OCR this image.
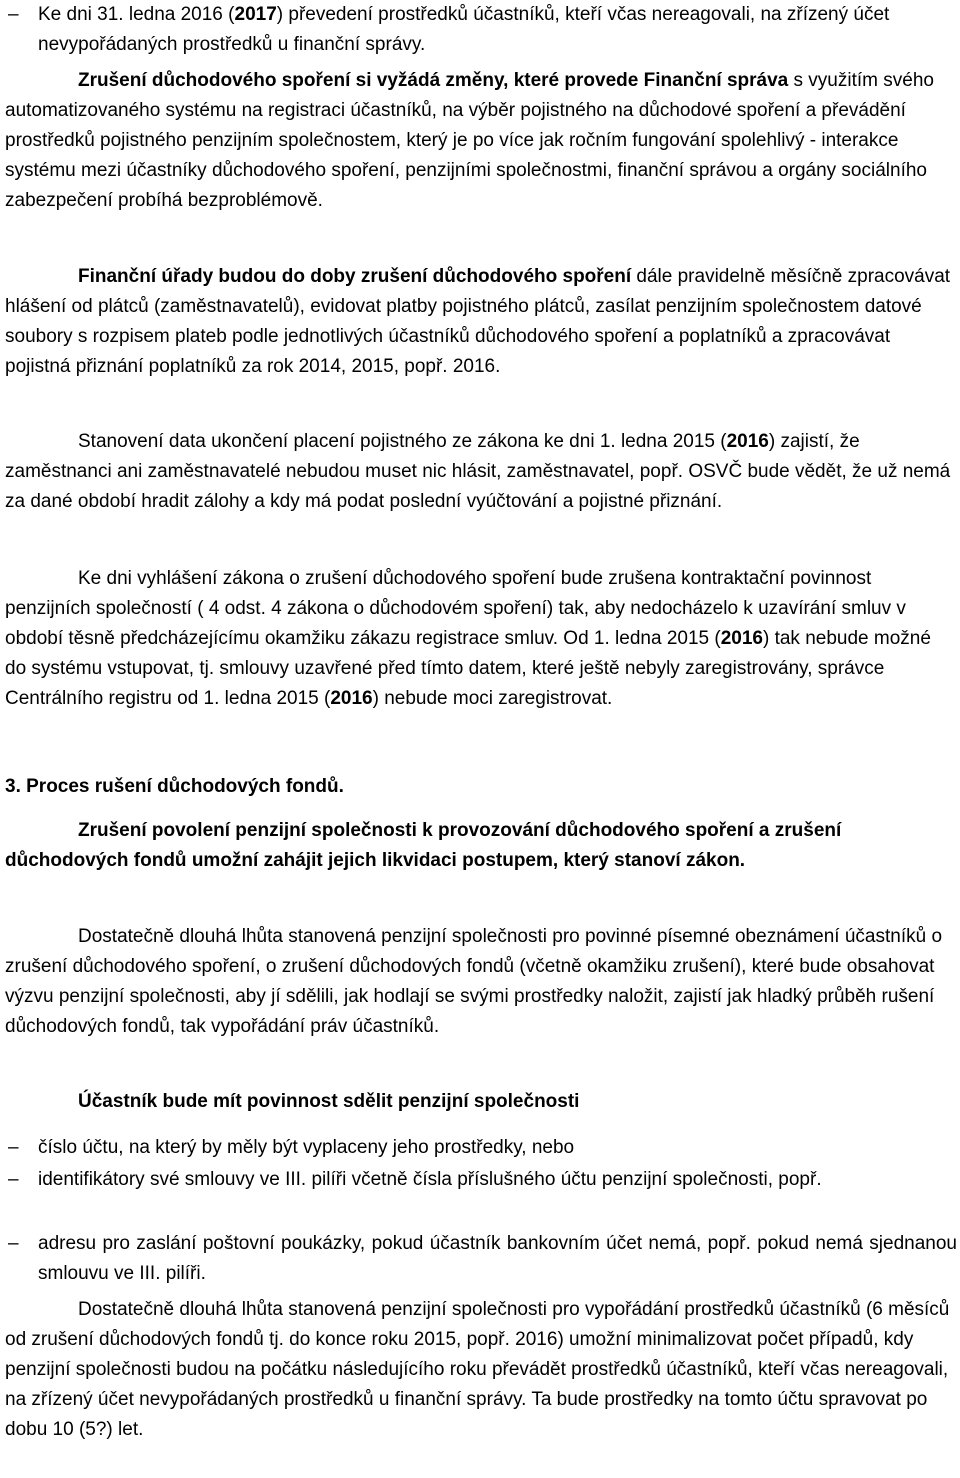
– Ke dni 31. ledna 2016 (2017) převedení prostředků účastníků, kteří včas nereagovali, na zřízený účet nevypořádaných prostředků u finanční správy.

Zrušení důchodového spoření si vyžádá změny, které provede Finanční správa s využitím svého automatizovaného systému na registraci účastníků, na výběr pojistného na důchodové spoření a převádění prostředků pojistného penzijním společnostem, který je po více jak ročním fungování spolehlivý - interakce systému mezi účastníky důchodového spoření, penzijními společnostmi, finanční správou a orgány sociálního zabezpečení probíhá bezproblémově.

Finanční úřady budou do doby zrušení důchodového spoření dále pravidelně měsíčně zpracovávat hlášení od plátců (zaměstnavatelů), evidovat platby pojistného plátců, zasílat penzijním společnostem datové soubory s rozpisem plateb podle jednotlivých účastníků důchodového spoření a poplatníků a zpracovávat pojistná přiznání poplatníků za rok 2014, 2015, popř. 2016.

Stanovení data ukončení placení pojistného ze zákona ke dni 1. ledna 2015 (2016) zajistí, že zaměstnanci ani zaměstnavatelé nebudou muset nic hlásit, zaměstnavatel, popř. OSVČ bude vědět, že už nemá za dané období hradit zálohy a kdy má podat poslední vyúčtování a pojistné přiznání.

Ke dni vyhlášení zákona o zrušení důchodového spoření bude zrušena kontraktační povinnost penzijních společností ( 4 odst. 4 zákona o důchodovém spoření) tak, aby nedocházelo k uzavírání smluv v období těsně předcházejícímu okamžiku zákazu registrace smluv. Od 1. ledna 2015 (2016) tak nebude možné do systému vstupovat, tj. smlouvy uzavřené před tímto datem, které ještě nebyly zaregistrovány, správce Centrálního registru od 1. ledna 2015 (2016) nebude moci zaregistrovat.

3. Proces rušení důchodových fondů.

Zrušení povolení penzijní společnosti k provozování důchodového spoření a zrušení důchodových fondů umožní zahájit jejich likvidaci postupem, který stanoví zákon.

Dostatečně dlouhá lhůta stanovená penzijní společnosti pro povinné písemné obeznámení účastníků o zrušení důchodového spoření, o zrušení důchodových fondů (včetně okamžiku zrušení), které bude obsahovat výzvu penzijní společnosti, aby jí sdělili, jak hodlají se svými prostředky naložit, zajistí jak hladký průběh rušení důchodových fondů, tak vypořádání práv účastníků.

Účastník bude mít povinnost sdělit penzijní společnosti

– číslo účtu, na který by měly být vyplaceny jeho prostředky, nebo
– identifikátory své smlouvy ve III. pilíři včetně čísla příslušného účtu penzijní společnosti, popř.
– adresu pro zaslání poštovní poukázky, pokud účastník bankovním účet nemá, popř. pokud nemá sjednanou smlouvu ve III. pilíři.

Dostatečně dlouhá lhůta stanovená penzijní společnosti pro vypořádání prostředků účastníků (6 měsíců od zrušení důchodových fondů tj. do konce roku 2015, popř. 2016) umožní minimalizovat počet případů, kdy penzijní společnosti budou na počátku následujícího roku převádět prostředků účastníků, kteří včas nereagovali, na zřízený účet nevypořádaných prostředků u finanční správy. Ta bude prostředky na tomto účtu spravovat po dobu 10 (5?) let.
